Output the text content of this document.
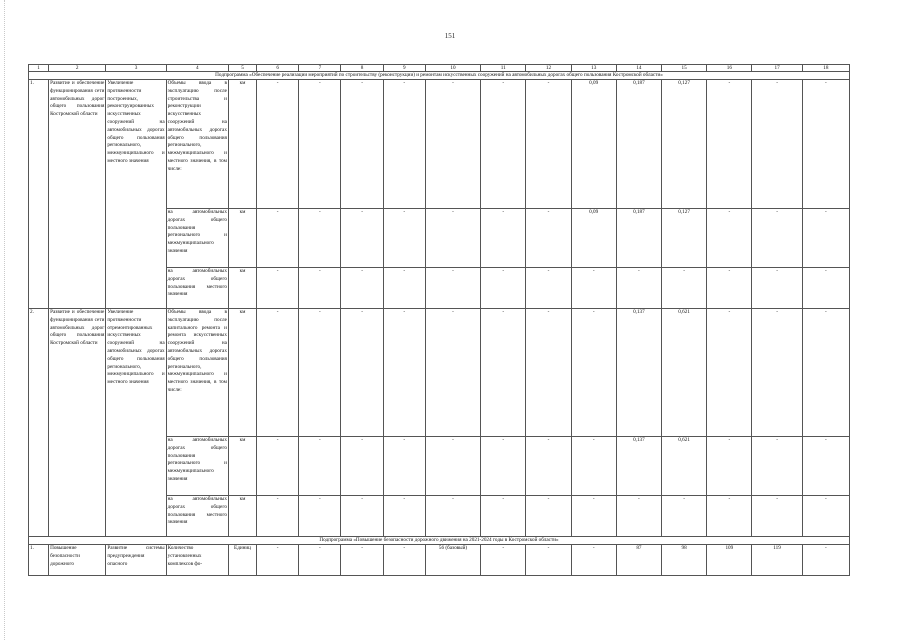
151
1	2	3	4	5	6	7	8	9	10	11	12	13	14	15	16	17	18
Подпрограмма «Обеспечение реализации мероприятий по строительству (реконструкции) и ремонтам искусственных сооружений на автомобильных дорогах общего пользования Костромской области»																	
1.	Развитие и обеспечение функционирования сети автомобильных дорог общего пользования Костромской области	Увеличение протяженности построенных, реконструированных искусственных сооружений на автомобильных дорогах общего пользования регионального, межмуниципального и местного значения	Объемы ввода в эксплуатацию после строительства и реконструкции искусственных сооружений на автомобильных дорогах общего пользования регионального, межмуниципального и местного значения, в том числе:	км	-	-	-	-	-	-	-	0,09	0,187	0,127	-	-	-
			на автомобильных дорогах общего пользования регионального и межмуниципального значения	км	-	-	-	-	-	-	-	0,09	0,187	0,127	-	-	-
			на автомобильных дорогах общего пользования местного значения	км	-	-	-	-	-	-	-	-	-	-	-	-	-
2.	Развитие и обеспечение функционирования сети автомобильных дорог общего пользования Костромской области	Увеличение протяженности отремонтированных искусственных сооружений на автомобильных дорогах общего пользования регионального, межмуниципального и местного значения	Объемы ввода в эксплуатацию после капитального ремонта и ремонта искусственных сооружений на автомобильных дорогах общего пользования регионального, межмуниципального и местного значения, в том числе:	км	-	-	-	-	-	-	-	-	0,137	0,621	-	-	-
			на автомобильных дорогах общего пользования регионального и межмуниципального значения	км	-	-	-	-	-	-	-	-	0,137	0,621	-	-	-
			на автомобильных дорогах общего пользования местного значения	км	-	-	-	-	-	-	-	-	-	-	-	-	-
Подпрограмма «Повышение безопасности дорожного движения на 2021-2024 годы в Костромской области»																	
1.	Повышение безопасности дорожного	Развитие системы предупреждения опасного	Количество установленных комплексов фо-	Единиц	-	-	-	-	56 (базовый)	-	-	-	87	98	109	119	-
